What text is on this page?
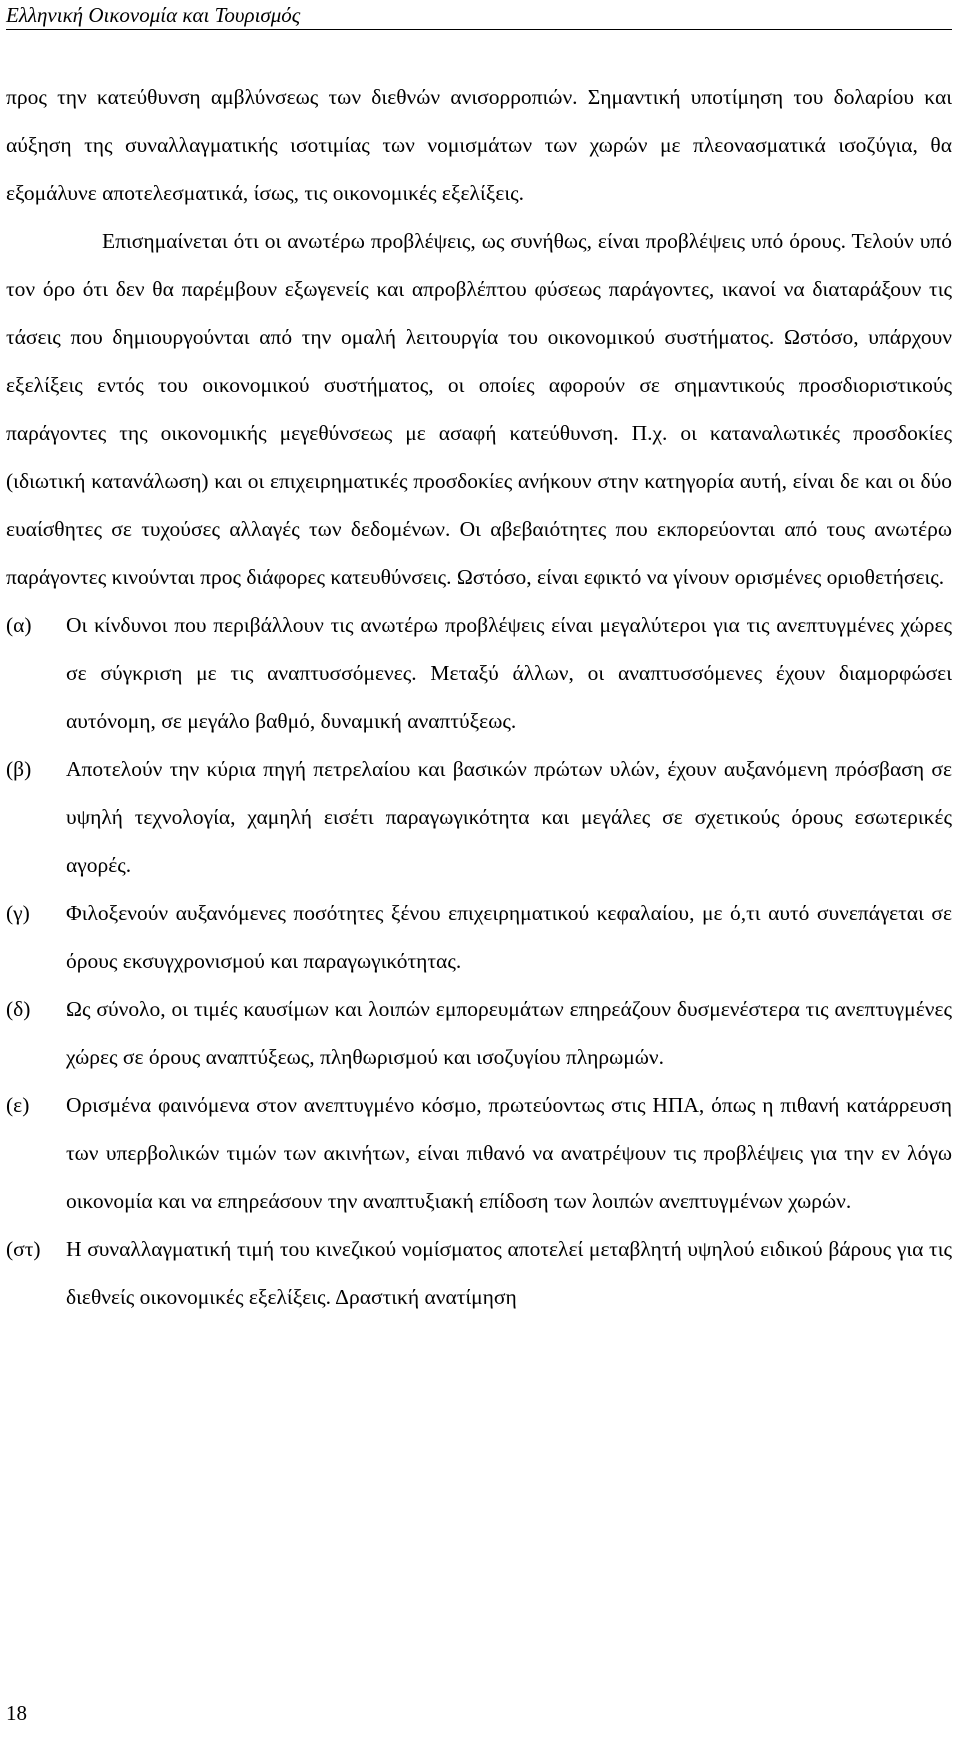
Ελληνική Οικονομία και Τουρισμός

προς την κατεύθυνση αμβλύνσεως των διεθνών ανισορροπιών. Σημαντική υποτίμηση του δολαρίου και αύξηση της συναλλαγματικής ισοτιμίας των νομισμάτων των χωρών με πλεονασματικά ισοζύγια, θα εξομάλυνε αποτελεσματικά, ίσως, τις οικονομικές εξελίξεις.

Επισημαίνεται ότι οι ανωτέρω προβλέψεις, ως συνήθως, είναι προβλέψεις υπό όρους. Τελούν υπό τον όρο ότι δεν θα παρέμβουν εξωγενείς και απροβλέπτου φύσεως παράγοντες, ικανοί να διαταράξουν τις τάσεις που δημιουργούνται από την ομαλή λειτουργία του οικονομικού συστήματος. Ωστόσο, υπάρχουν εξελίξεις εντός του οικονομικού συστήματος, οι οποίες αφορούν σε σημαντικούς προσδιοριστικούς παράγοντες της οικονομικής μεγεθύνσεως με ασαφή κατεύθυνση. Π.χ. οι καταναλωτικές προσδοκίες (ιδιωτική κατανάλωση) και οι επιχειρηματικές προσδοκίες ανήκουν στην κατηγορία αυτή, είναι δε και οι δύο ευαίσθητες σε τυχούσες αλλαγές των δεδομένων. Οι αβεβαιότητες που εκπορεύονται από τους ανωτέρω παράγοντες κινούνται προς διάφορες κατευθύνσεις. Ωστόσο, είναι εφικτό να γίνουν ορισμένες οριοθετήσεις.

(α)	Οι κίνδυνοι που περιβάλλουν τις ανωτέρω προβλέψεις είναι μεγαλύτεροι για τις ανεπτυγμένες χώρες σε σύγκριση με τις αναπτυσσόμενες. Μεταξύ άλλων, οι αναπτυσσόμενες έχουν διαμορφώσει αυτόνομη, σε μεγάλο βαθμό, δυναμική αναπτύξεως.
(β)	Αποτελούν την κύρια πηγή πετρελαίου και βασικών πρώτων υλών, έχουν αυξανόμενη πρόσβαση σε υψηλή τεχνολογία, χαμηλή εισέτι παραγωγικότητα και μεγάλες σε σχετικούς όρους εσωτερικές αγορές.
(γ)	Φιλοξενούν αυξανόμενες ποσότητες ξένου επιχειρηματικού κεφαλαίου, με ό,τι αυτό συνεπάγεται σε όρους εκσυγχρονισμού και παραγωγικότητας.
(δ)	Ως σύνολο, οι τιμές καυσίμων και λοιπών εμπορευμάτων επηρεάζουν δυσμενέστερα τις ανεπτυγμένες χώρες σε όρους αναπτύξεως, πληθωρισμού και ισοζυγίου πληρωμών.
(ε)	Ορισμένα φαινόμενα στον ανεπτυγμένο κόσμο, πρωτεύοντως στις ΗΠΑ, όπως η πιθανή κατάρρευση των υπερβολικών τιμών των ακινήτων, είναι πιθανό να ανατρέψουν τις προβλέψεις για την εν λόγω οικονομία και να επηρεάσουν την αναπτυξιακή επίδοση των λοιπών ανεπτυγμένων χωρών.
(στ)	Η συναλλαγματική τιμή του κινεζικού νομίσματος αποτελεί μεταβλητή υψηλού ειδικού βάρους για τις διεθνείς οικονομικές εξελίξεις. Δραστική ανατίμηση
18
